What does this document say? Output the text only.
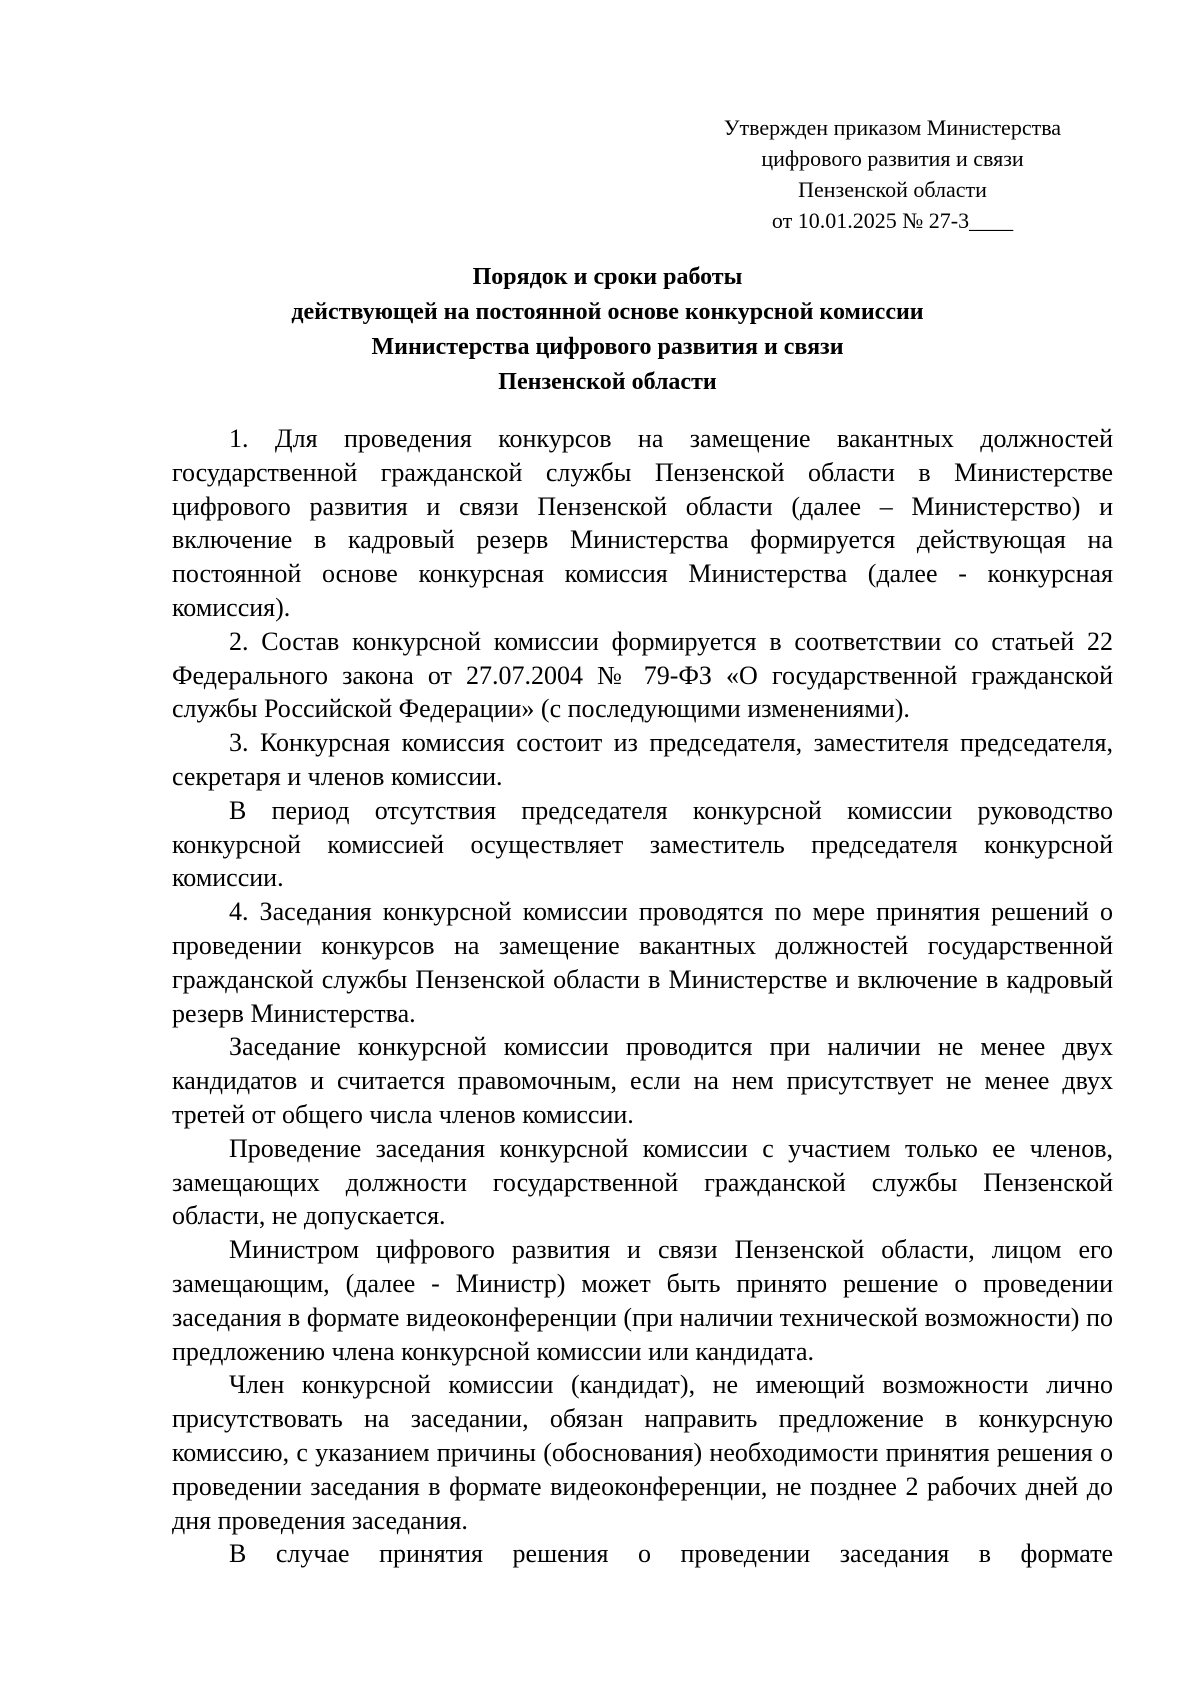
Утвержден приказом Министерства
цифрового развития и связи
Пензенской области
от 10.01.2025 № 27-3____
Порядок и сроки работы
действующей на постоянной основе конкурсной комиссии
Министерства цифрового развития и связи
Пензенской области

1. Для проведения конкурсов на замещение вакантных должностей государственной гражданской службы Пензенской области в Министерстве цифрового развития и связи Пензенской области (далее – Министерство) и включение в кадровый резерв Министерства формируется действующая на постоянной основе конкурсная комиссия Министерства (далее - конкурсная комиссия).

2. Состав конкурсной комиссии формируется в соответствии со статьей 22 Федерального закона от 27.07.2004 № 79-ФЗ «О государственной гражданской службы Российской Федерации» (с последующими изменениями).

3. Конкурсная комиссия состоит из председателя, заместителя председателя, секретаря и членов комиссии.

В период отсутствия председателя конкурсной комиссии руководство конкурсной комиссией осуществляет заместитель председателя конкурсной комиссии.

4. Заседания конкурсной комиссии проводятся по мере принятия решений о проведении конкурсов на замещение вакантных должностей государственной гражданской службы Пензенской области в Министерстве и включение в кадровый резерв Министерства.

Заседание конкурсной комиссии проводится при наличии не менее двух кандидатов и считается правомочным, если на нем присутствует не менее двух третей от общего числа членов комиссии.

Проведение заседания конкурсной комиссии с участием только ее членов, замещающих должности государственной гражданской службы Пензенской области, не допускается.

Министром цифрового развития и связи Пензенской области, лицом его замещающим, (далее - Министр) может быть принято решение о проведении заседания в формате видеоконференции (при наличии технической возможности) по предложению члена конкурсной комиссии или кандидата.

Член конкурсной комиссии (кандидат), не имеющий возможности лично присутствовать на заседании, обязан направить предложение в конкурсную комиссию, с указанием причины (обоснования) необходимости принятия решения о проведении заседания в формате видеоконференции, не позднее 2 рабочих дней до дня проведения заседания.

В случае принятия решения о проведении заседания в формате
